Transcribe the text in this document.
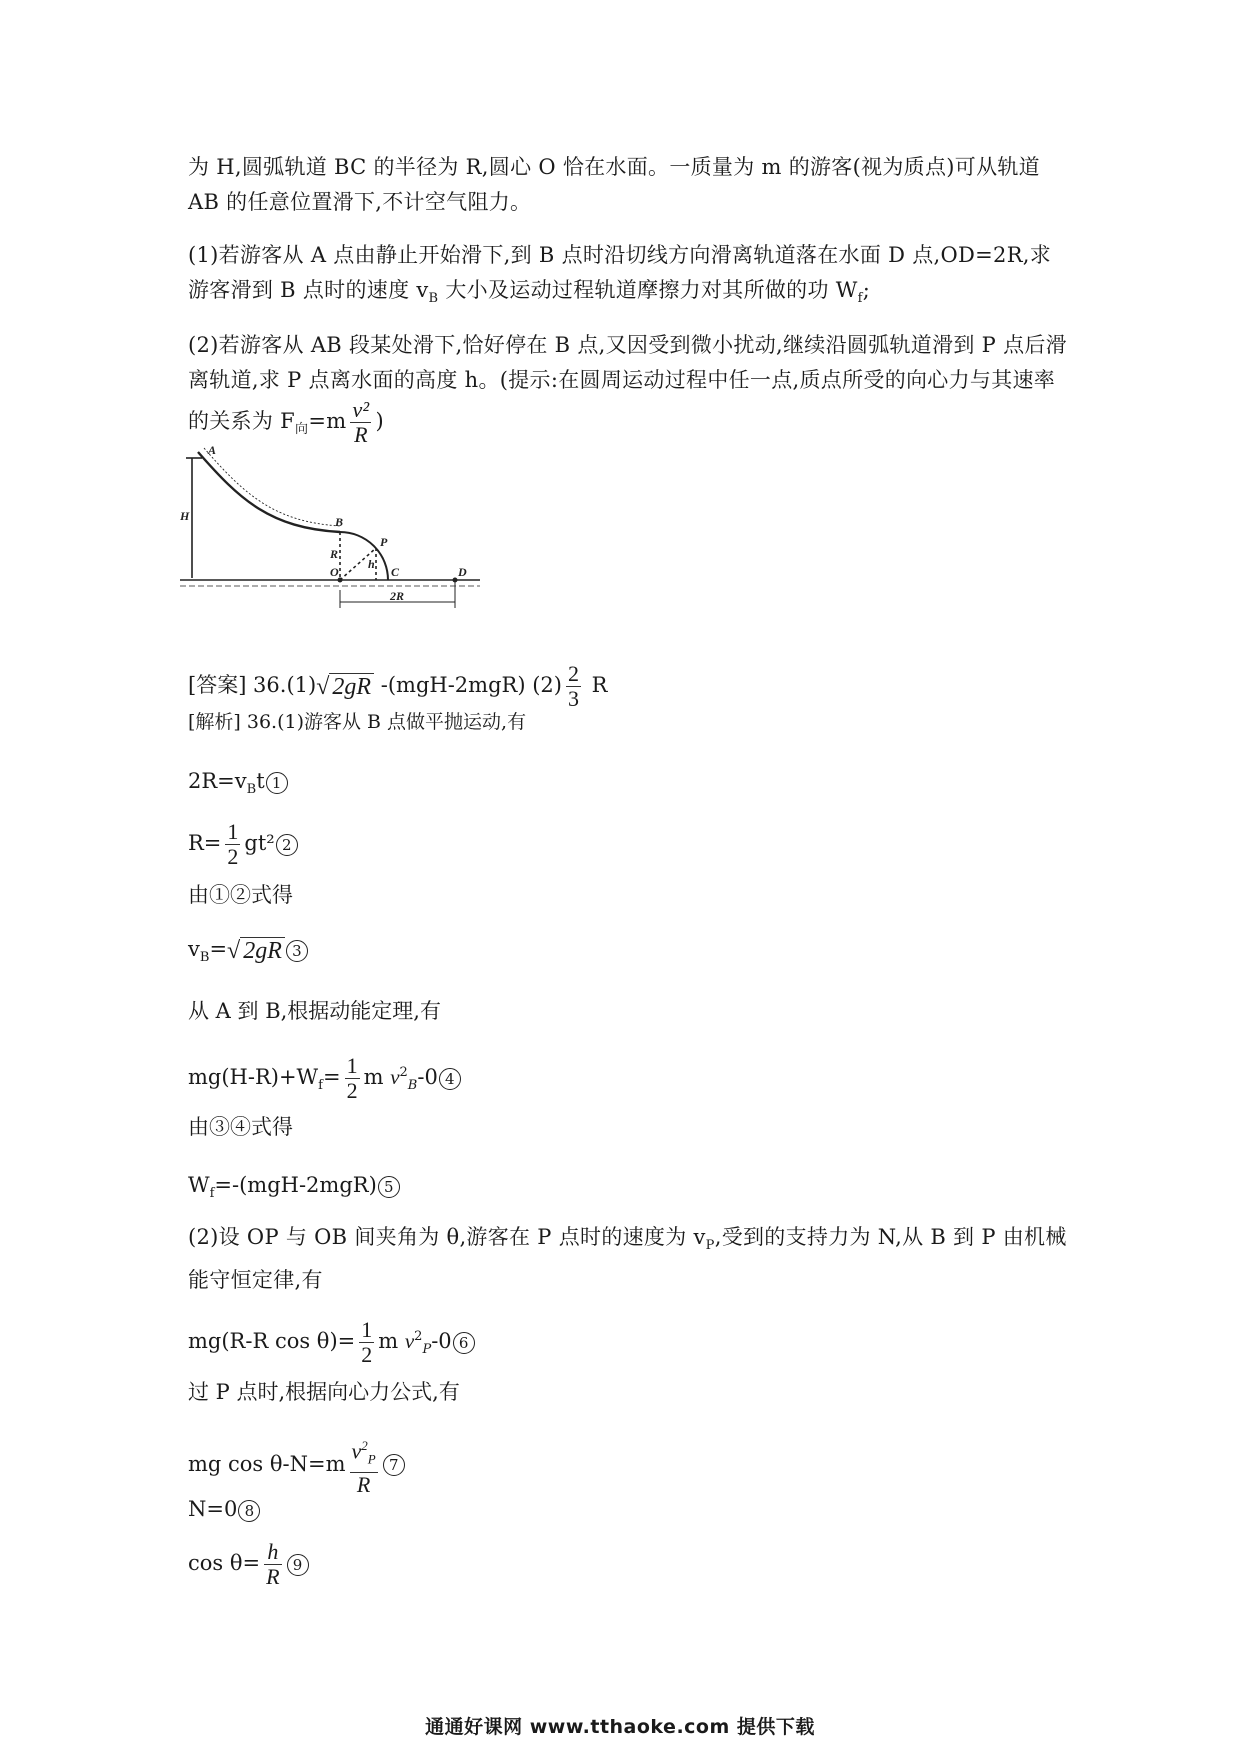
为 H,圆弧轨道 BC 的半径为 R,圆心 O 恰在水面。一质量为 m 的游客(视为质点)可从轨道 AB 的任意位置滑下,不计空气阻力。
(1)若游客从 A 点由静止开始滑下,到 B 点时沿切线方向滑离轨道落在水面 D 点,OD=2R,求游客滑到 B 点时的速度 $v_B$ 大小及运动过程轨道摩擦力对其所做的功 $W_f$;
(2)若游客从 AB 段某处滑下,恰好停在 B 点,又因受到微小扰动,继续沿圆弧轨道滑到 P 点后滑离轨道,求 P 点离水面的高度 h。(提示:在圆周运动过程中任一点,质点所受的向心力与其速率的关系为 $F_向=m \frac{\text{v²}}{R}$ )
A
H	B
P
R
h
O	C	D
2R
[答案] 36.(1)√ 2gR -(mgH-2mgR) $(2) \frac{2}{3}$ R
[解析] 36.(1)游客从 B 点做平抛运动,有
$2R=v_Bt$ 1
$R= \frac{1}{2} gt^2$ 2
由①②式得
$v_B=√$ 2gR 3
从 A 到 B,根据动能定理,有
$mg(H-R)+W_f= \frac{1}{2}$ m $v^2_B-0$ 4
由③④式得
$W_f=-(mgH-2mgR)$ 5
(2)设 OP 与 OB 间夹角为 θ,游客在 P 点时的速度为 $v_P$,受到的支持力为 N,从 B 到 P 由机械能守恒定律,有
mg(R-R $\cos \theta)= \frac{1}{2}$ m $v^2_P-0$ 6
过 P 点时,根据向心力公式,有
mg $\cos \theta-N=m \frac{v^2_P}{R} 7$
N=0 8
$\cos \theta= \frac{h}{R} 9$
通通好课网 www.tthaoke.com 提供下载
